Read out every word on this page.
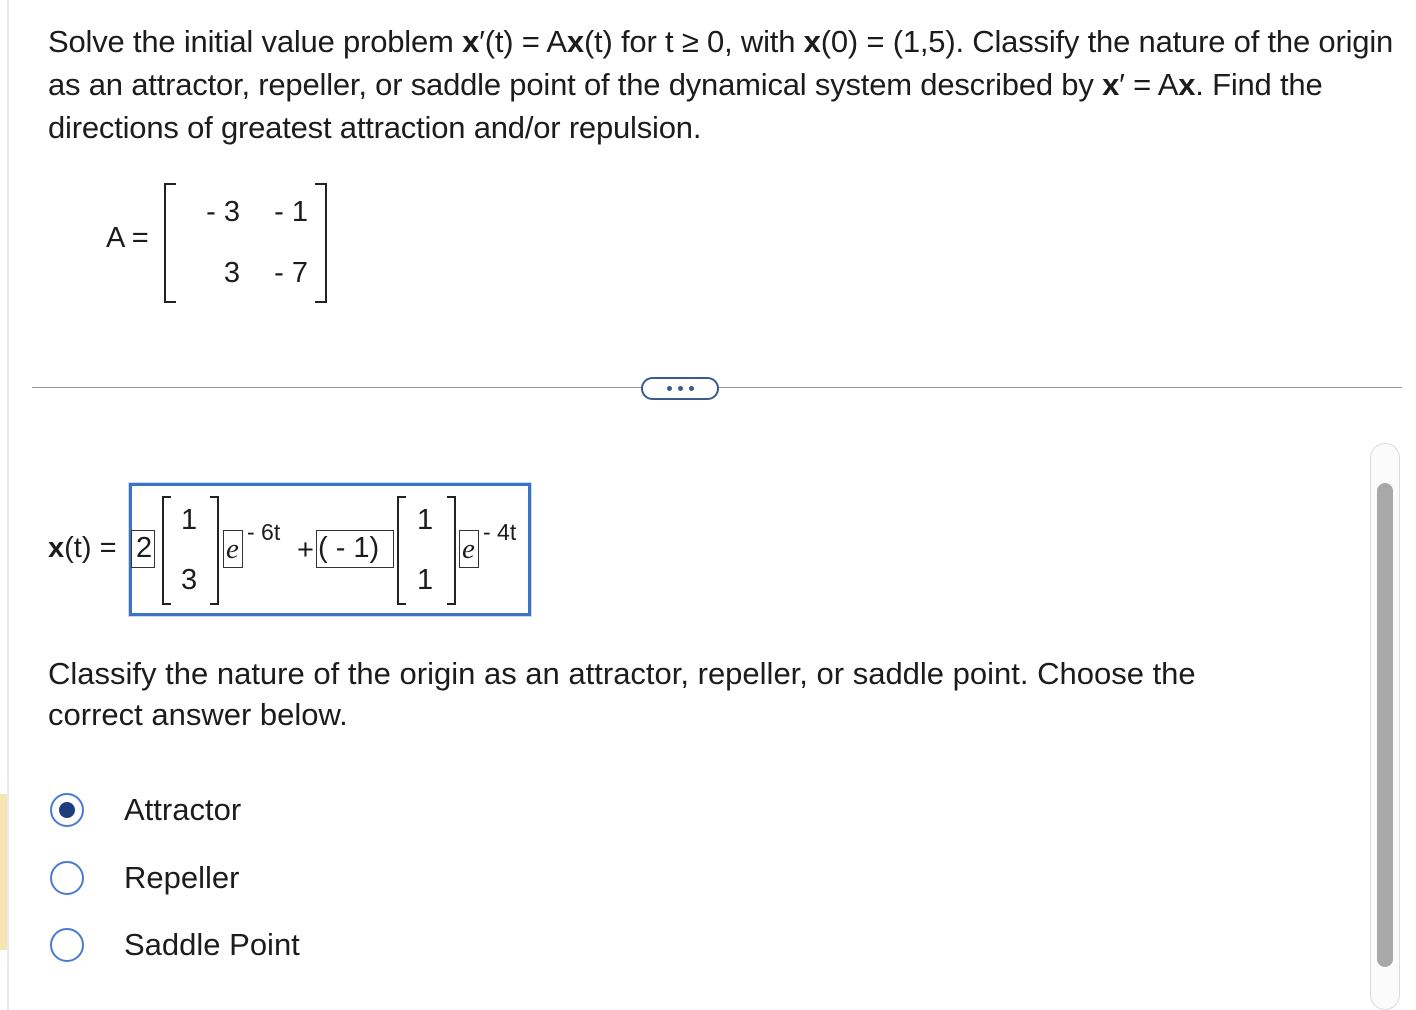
Solve the initial value problem x′(t) = Ax(t) for t ≥ 0, with x(0) = (1,5). Classify the nature of the origin as an attractor, repeller, or saddle point of the dynamical system described by x′ = Ax. Find the directions of greatest attraction and/or repulsion.
A =
- 3	- 1
3	- 7
x(t) = 2
1
3
e
- 6t
+ ( - 1)
1
1
e
- 4t
Classify the nature of the origin as an attractor, repeller, or saddle point. Choose the correct answer below.
Attractor
Repeller
Saddle Point
